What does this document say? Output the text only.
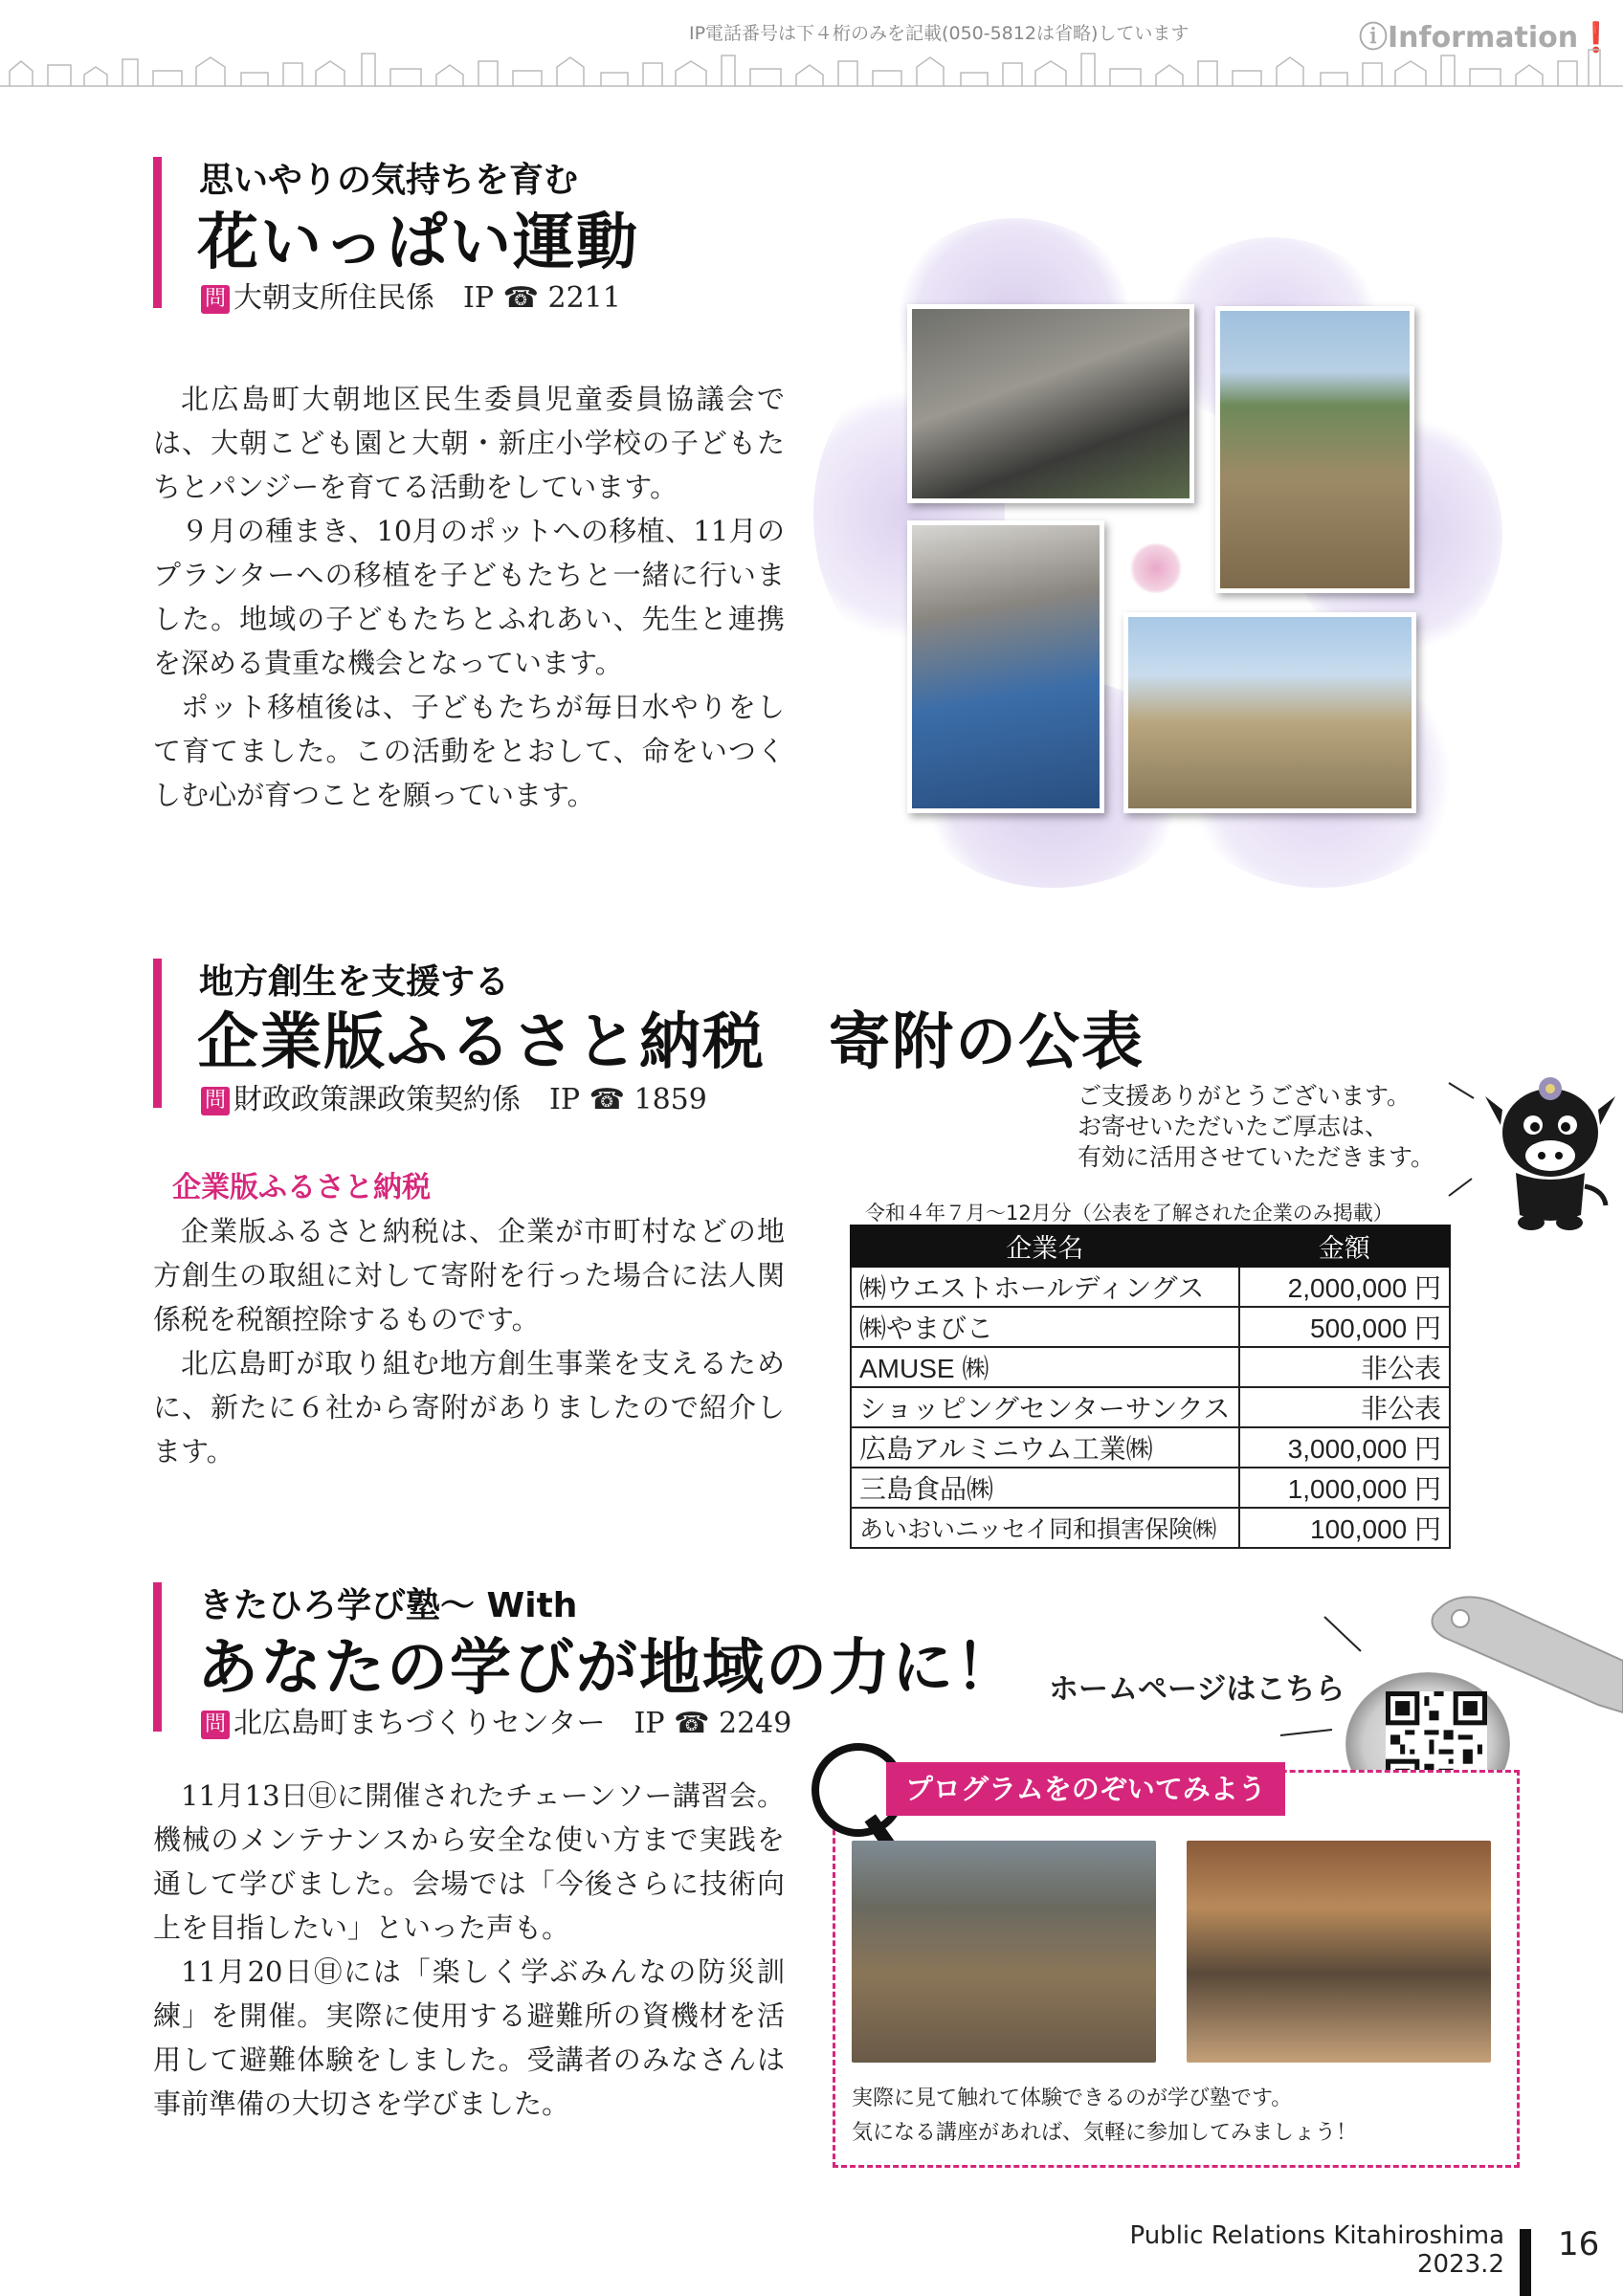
IP電話番号は下４桁のみを記載(050-5812は省略)しています	ⓘInformation❗
思いやりの気持ちを育む
花いっぱい運動
問 大朝支所住民係　IP ☎ 2211

北広島町大朝地区民生委員児童委員協議会では、大朝こども園と大朝・新庄小学校の子どもたちとパンジーを育てる活動をしています。

９月の種まき、10月のポットへの移植、11月のプランターへの移植を子どもたちと一緒に行いました。地域の子どもたちとふれあい、先生と連携を深める貴重な機会となっています。

ポット移植後は、子どもたちが毎日水やりをして育てました。この活動をとおして、命をいつくしむ心が育つことを願っています。

地方創生を支援する
企業版ふるさと納税　寄附の公表
問 財政政策課政策契約係　IP ☎ 1859
企業版ふるさと納税

企業版ふるさと納税は、企業が市町村などの地方創生の取組に対して寄附を行った場合に法人関係税を税額控除するものです。

北広島町が取り組む地方創生事業を支えるために、新たに６社から寄附がありましたので紹介します。

ご支援ありがとうございます。
お寄せいただいたご厚志は、
有効に活用させていただきます。
令和４年７月～12月分（公表を了解された企業のみ掲載）
企業名	金額
㈱ウエストホールディングス	2,000,000 円
㈱やまびこ	500,000 円
AMUSE ㈱	非公表
ショッピングセンターサンクス	非公表
広島アルミニウム工業㈱	3,000,000 円
三島食品㈱	1,000,000 円
あいおいニッセイ同和損害保険㈱	100,000 円
きたひろ学び塾～ With
あなたの学びが地域の力に！
問 北広島町まちづくりセンター　IP ☎ 2249

11月13日㊐に開催されたチェーンソー講習会。機械のメンテナンスから安全な使い方まで実践を通して学びました。会場では「今後さらに技術向上を目指したい」といった声も。

11月20日㊐には「楽しく学ぶみんなの防災訓練」を開催。実際に使用する避難所の資機材を活用して避難体験をしました。受講者のみなさんは事前準備の大切さを学びました。

ホームページはこちら
プログラムをのぞいてみよう
実際に見て触れて体験できるのが学び塾です。
気になる講座があれば、気軽に参加してみましょう！
Public Relations Kitahiroshima
2023.2
16
